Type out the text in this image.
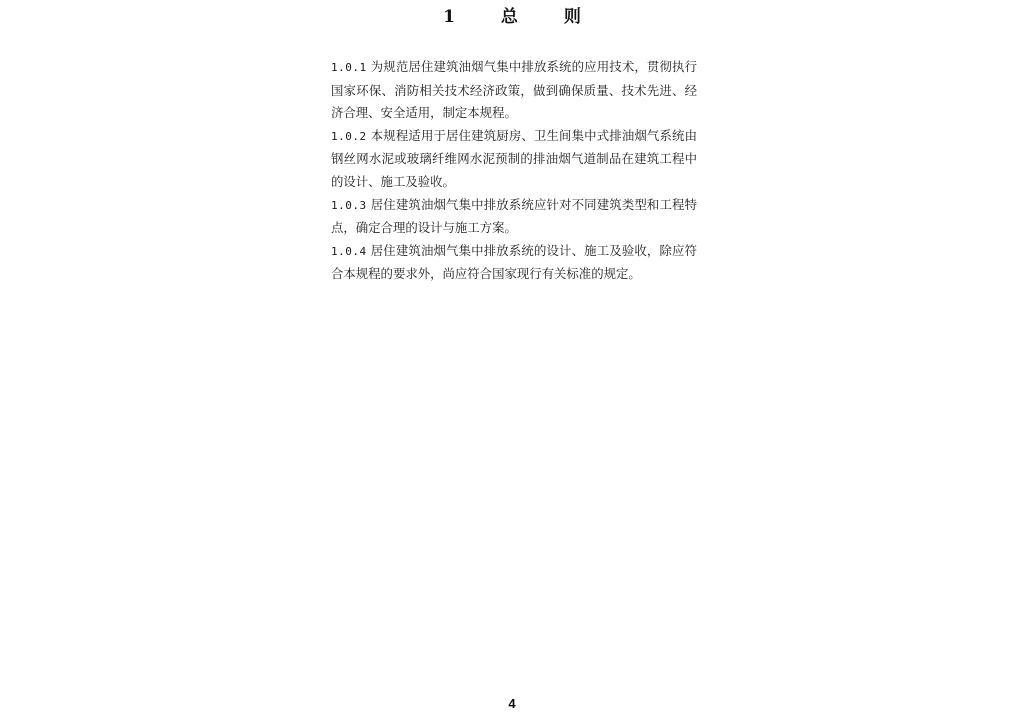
1 总 则

1.0.1 为规范居住建筑油烟气集中排放系统的应用技术，贯彻执行国家环保、消防相关技术经济政策，做到确保质量、技术先进、经济合理、安全适用，制定本规程。

1.0.2 本规程适用于居住建筑厨房、卫生间集中式排油烟气系统由钢丝网水泥或玻璃纤维网水泥预制的排油烟气道制品在建筑工程中的设计、施工及验收。

1.0.3 居住建筑油烟气集中排放系统应针对不同建筑类型和工程特点，确定合理的设计与施工方案。

1.0.4 居住建筑油烟气集中排放系统的设计、施工及验收，除应符合本规程的要求外，尚应符合国家现行有关标准的规定。

4
